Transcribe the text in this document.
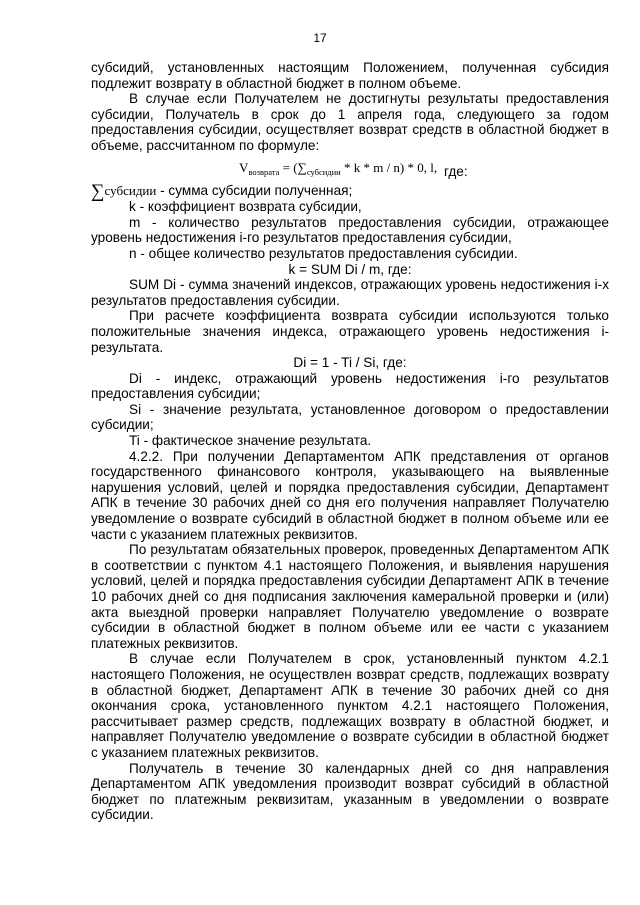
17

субсидий, установленных настоящим Положением, полученная субсидия подлежит возврату в областной бюджет в полном объеме.

В случае если Получателем не достигнуты результаты предоставления субсидии, Получатель в срок до 1 апреля года, следующего за годом предоставления субсидии, осуществляет возврат средств в областной бюджет в объеме, рассчитанном по формуле:

$V_{возврата} = (\sum_{субсидии} * k * m / n) * 0$, l, где:

∑субсидии - сумма субсидии полученная;

k - коэффициент возврата субсидии,

m - количество результатов предоставления субсидии, отражающее уровень недостижения i-го результатов предоставления субсидии,

n - общее количество результатов предоставления субсидии.

k = SUM Di / m, где:

SUM Di - сумма значений индексов, отражающих уровень недостижения i-х результатов предоставления субсидии.

При расчете коэффициента возврата субсидии используются только положительные значения индекса, отражающего уровень недостижения i-результата.

Di = 1 - Ti / Si, где:

Di - индекс, отражающий уровень недостижения i-го результатов предоставления субсидии;

Si - значение результата, установленное договором о предоставлении субсидии;

Ti - фактическое значение результата.

4.2.2. При получении Департаментом АПК представления от органов государственного финансового контроля, указывающего на выявленные нарушения условий, целей и порядка предоставления субсидии, Департамент АПК в течение 30 рабочих дней со дня его получения направляет Получателю уведомление о возврате субсидий в областной бюджет в полном объеме или ее части с указанием платежных реквизитов.

По результатам обязательных проверок, проведенных Департаментом АПК в соответствии с пунктом 4.1 настоящего Положения, и выявления нарушения условий, целей и порядка предоставления субсидии Департамент АПК в течение 10 рабочих дней со дня подписания заключения камеральной проверки и (или) акта выездной проверки направляет Получателю уведомление о возврате субсидии в областной бюджет в полном объеме или ее части с указанием платежных реквизитов.

В случае если Получателем в срок, установленный пунктом 4.2.1 настоящего Положения, не осуществлен возврат средств, подлежащих возврату в областной бюджет, Департамент АПК в течение 30 рабочих дней со дня окончания срока, установленного пунктом 4.2.1 настоящего Положения, рассчитывает размер средств, подлежащих возврату в областной бюджет, и направляет Получателю уведомление о возврате субсидии в областной бюджет с указанием платежных реквизитов.

Получатель в течение 30 календарных дней со дня направления Департаментом АПК уведомления производит возврат субсидий в областной бюджет по платежным реквизитам, указанным в уведомлении о возврате субсидии.
